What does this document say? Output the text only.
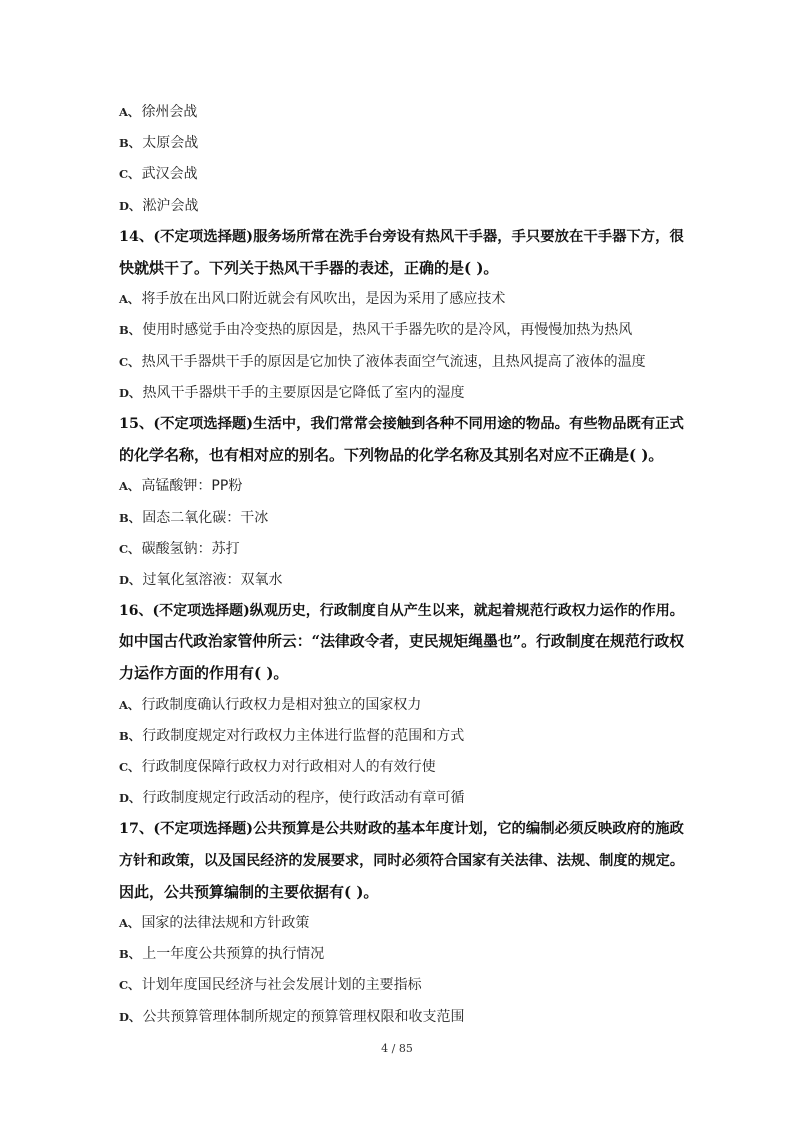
A、 徐州会战
B、 太原会战
C、 武汉会战
D、 淞沪会战
14、(不定项选择题)服务场所常在洗手台旁设有热风干手器，手只要放在干手器下方，很
快就烘干了。下列关于热风干手器的表述，正确的是( )。
A、 将手放在出风口附近就会有风吹出，是因为采用了感应技术
B、 使用时感觉手由冷变热的原因是，热风干手器先吹的是冷风，再慢慢加热为热风
C、 热风干手器烘干手的原因是它加快了液体表面空气流速，且热风提高了液体的温度
D、 热风干手器烘干手的主要原因是它降低了室内的湿度
15、(不定项选择题)生活中，我们常常会接触到各种不同用途的物品。有些物品既有正式
的化学名称，也有相对应的别名。下列物品的化学名称及其别名对应不正确是( )。
A、 高锰酸钾：PP粉
B、 固态二氧化碳：干冰
C、 碳酸氢钠：苏打
D、 过氧化氢溶液：双氧水
16、(不定项选择题)纵观历史，行政制度自从产生以来，就起着规范行政权力运作的作用。
如中国古代政治家管仲所云：“法律政令者，吏民规矩绳墨也”。行政制度在规范行政权
力运作方面的作用有( )。
A、 行政制度确认行政权力是相对独立的国家权力
B、 行政制度规定对行政权力主体进行监督的范围和方式
C、 行政制度保障行政权力对行政相对人的有效行使
D、 行政制度规定行政活动的程序，使行政活动有章可循
17、(不定项选择题)公共预算是公共财政的基本年度计划，它的编制必须反映政府的施政
方针和政策，以及国民经济的发展要求，同时必须符合国家有关法律、法规、制度的规定。
因此，公共预算编制的主要依据有( )。
A、 国家的法律法规和方针政策
B、 上一年度公共预算的执行情况
C、 计划年度国民经济与社会发展计划的主要指标
D、 公共预算管理体制所规定的预算管理权限和收支范围
4 / 85
